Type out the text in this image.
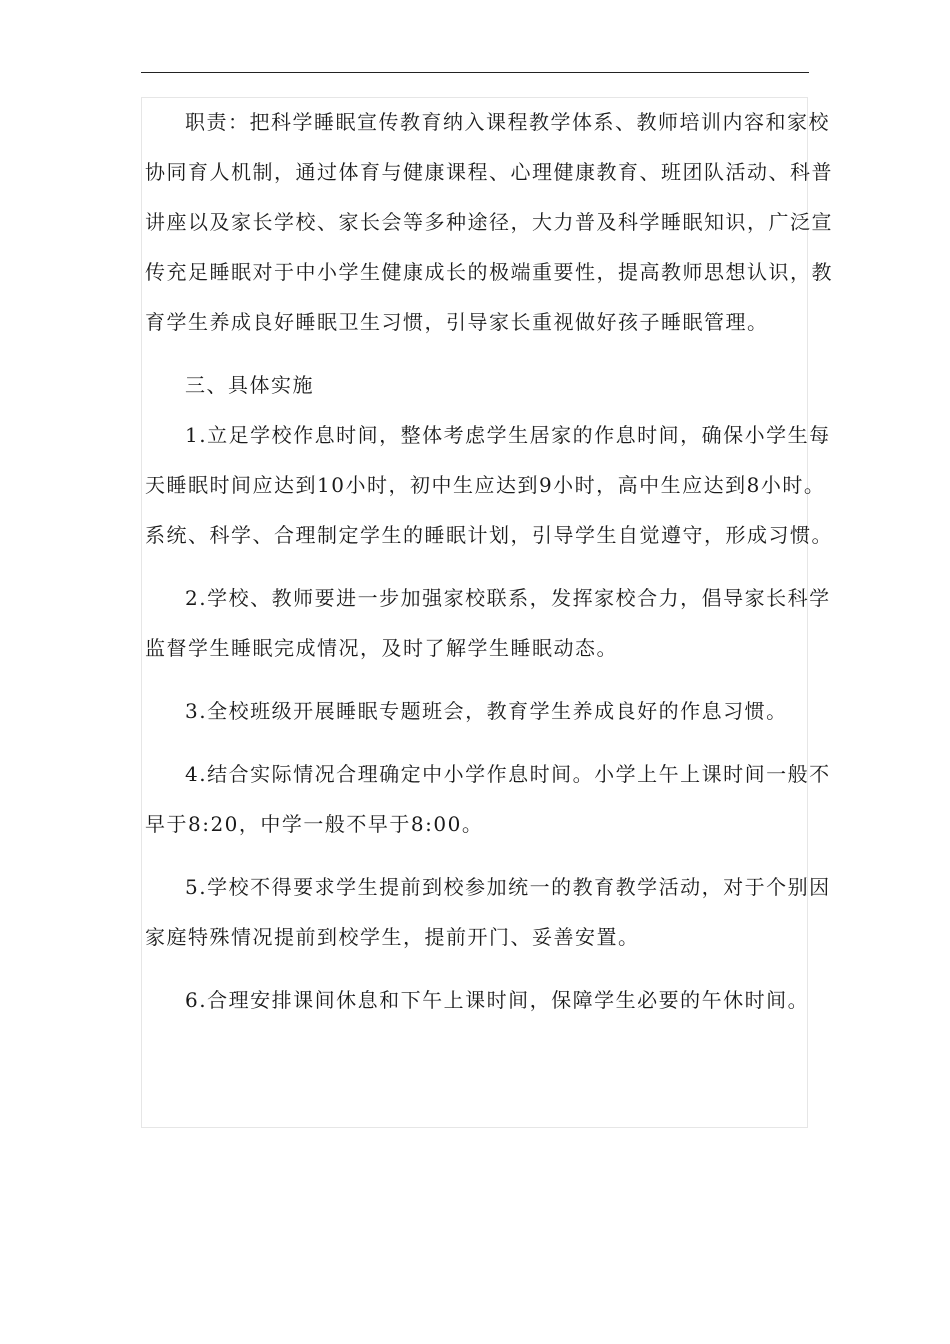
职责：把科学睡眠宣传教育纳入课程教学体系、教师培训内容和家校协同育人机制，通过体育与健康课程、心理健康教育、班团队活动、科普讲座以及家长学校、家长会等多种途径，大力普及科学睡眠知识，广泛宣传充足睡眠对于中小学生健康成长的极端重要性，提高教师思想认识，教育学生养成良好睡眠卫生习惯，引导家长重视做好孩子睡眠管理。

三、具体实施

1.立足学校作息时间，整体考虑学生居家的作息时间，确保小学生每天睡眠时间应达到10小时，初中生应达到9小时，高中生应达到8小时。系统、科学、合理制定学生的睡眠计划，引导学生自觉遵守，形成习惯。

2.学校、教师要进一步加强家校联系，发挥家校合力，倡导家长科学监督学生睡眠完成情况，及时了解学生睡眠动态。

3.全校班级开展睡眠专题班会，教育学生养成良好的作息习惯。

4.结合实际情况合理确定中小学作息时间。小学上午上课时间一般不早于8:20，中学一般不早于8:00。

5.学校不得要求学生提前到校参加统一的教育教学活动，对于个别因家庭特殊情况提前到校学生，提前开门、妥善安置。

6.合理安排课间休息和下午上课时间，保障学生必要的午休时间。
